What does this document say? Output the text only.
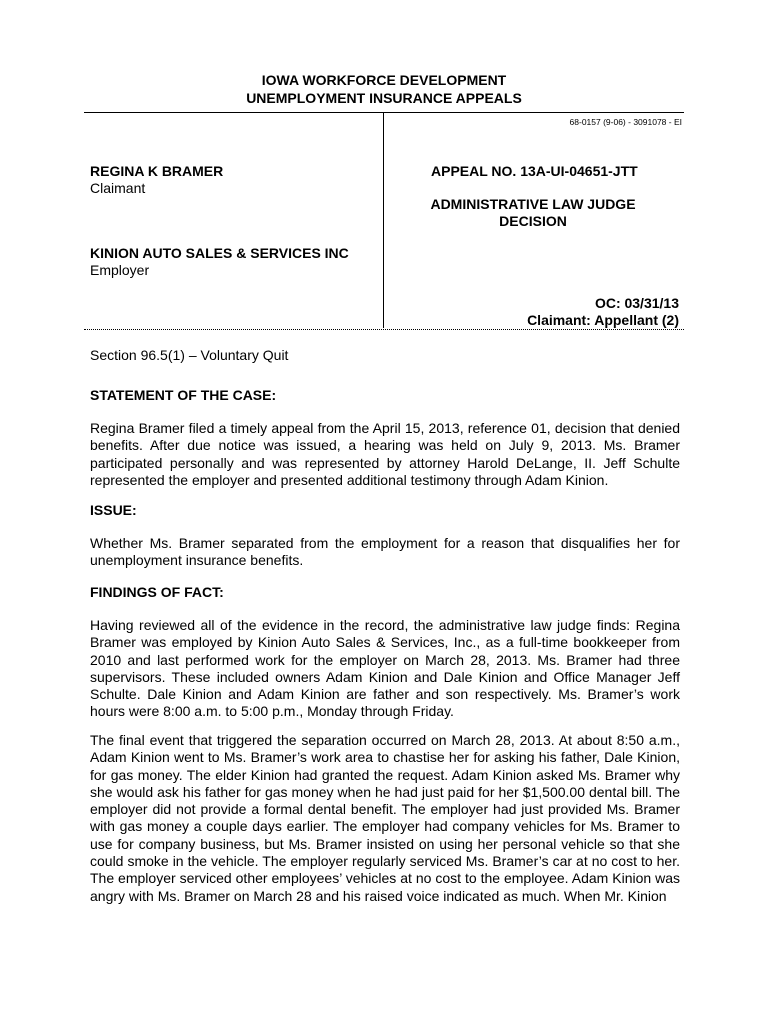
IOWA WORKFORCE DEVELOPMENT
UNEMPLOYMENT INSURANCE APPEALS
68-0157 (9-06) - 3091078 - EI
REGINA K BRAMER
Claimant
KINION AUTO SALES & SERVICES INC
Employer
APPEAL NO. 13A-UI-04651-JTT
ADMINISTRATIVE LAW JUDGE
DECISION
OC: 03/31/13
Claimant: Appellant (2)
Section 96.5(1) – Voluntary Quit
STATEMENT OF THE CASE:
Regina Bramer filed a timely appeal from the April 15, 2013, reference 01, decision that denied benefits. After due notice was issued, a hearing was held on July 9, 2013. Ms. Bramer participated personally and was represented by attorney Harold DeLange, II. Jeff Schulte represented the employer and presented additional testimony through Adam Kinion.
ISSUE:
Whether Ms. Bramer separated from the employment for a reason that disqualifies her for unemployment insurance benefits.
FINDINGS OF FACT:
Having reviewed all of the evidence in the record, the administrative law judge finds: Regina Bramer was employed by Kinion Auto Sales & Services, Inc., as a full-time bookkeeper from 2010 and last performed work for the employer on March 28, 2013. Ms. Bramer had three supervisors. These included owners Adam Kinion and Dale Kinion and Office Manager Jeff Schulte. Dale Kinion and Adam Kinion are father and son respectively. Ms. Bramer’s work hours were 8:00 a.m. to 5:00 p.m., Monday through Friday.
The final event that triggered the separation occurred on March 28, 2013. At about 8:50 a.m., Adam Kinion went to Ms. Bramer’s work area to chastise her for asking his father, Dale Kinion, for gas money. The elder Kinion had granted the request. Adam Kinion asked Ms. Bramer why she would ask his father for gas money when he had just paid for her $1,500.00 dental bill. The employer did not provide a formal dental benefit. The employer had just provided Ms. Bramer with gas money a couple days earlier. The employer had company vehicles for Ms. Bramer to use for company business, but Ms. Bramer insisted on using her personal vehicle so that she could smoke in the vehicle. The employer regularly serviced Ms. Bramer’s car at no cost to her. The employer serviced other employees’ vehicles at no cost to the employee. Adam Kinion was angry with Ms. Bramer on March 28 and his raised voice indicated as much. When Mr. Kinion
